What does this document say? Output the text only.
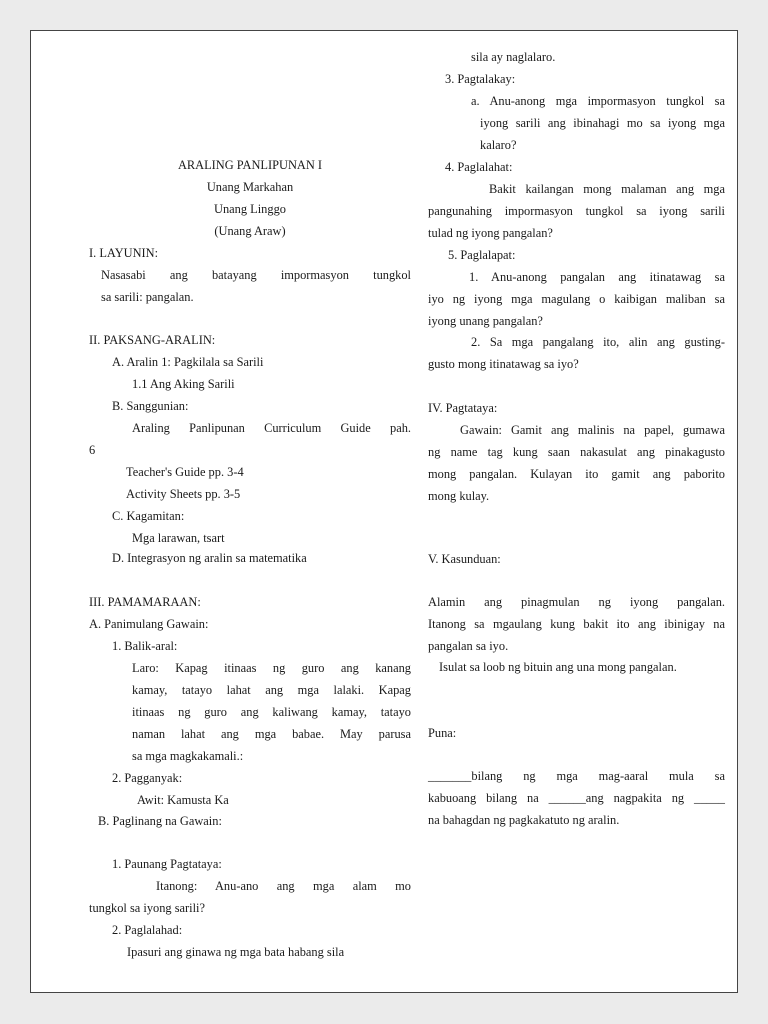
ARALING PANLIPUNAN I
Unang Markahan
Unang Linggo
(Unang Araw)
I. LAYUNIN:
Nasasabi ang batayang impormasyon tungkol
sa sarili: pangalan.
II. PAKSANG-ARALIN:
A. Aralin 1: Pagkilala sa Sarili
1.1 Ang Aking Sarili
B. Sanggunian:
Araling Panlipunan Curriculum Guide pah.
6
Teacher's Guide pp. 3-4
Activity Sheets pp. 3-5
C. Kagamitan:
Mga larawan, tsart
D. Integrasyon ng aralin sa matematika
III. PAMAMARAAN:
A. Panimulang Gawain:
1. Balik-aral:
Laro: Kapag itinaas ng guro ang kanang
kamay, tatayo lahat ang mga lalaki. Kapag
itinaas ng guro ang kaliwang kamay, tatayo
naman lahat ang mga babae. May parusa
sa mga magkakamali.:
2. Pagganyak:
Awit: Kamusta Ka
B. Paglinang na Gawain:
1. Paunang Pagtataya:
Itanong: Anu-ano ang mga alam mo
tungkol sa iyong sarili?
2. Paglalahad:
Ipasuri ang ginawa ng mga bata habang sila
sila ay naglalaro.
3. Pagtalakay:
a. Anu-anong mga impormasyon tungkol sa
iyong sarili ang ibinahagi mo sa iyong mga
kalaro?
4. Paglalahat:
Bakit kailangan mong malaman ang mga
pangunahing impormasyon tungkol sa iyong sarili
tulad ng iyong pangalan?
5. Paglalapat:
1. Anu-anong pangalan ang itinatawag sa
iyo ng iyong mga magulang o kaibigan maliban sa
iyong unang pangalan?
2. Sa mga pangalang ito, alin ang gusting-
gusto mong itinatawag sa iyo?
IV. Pagtataya:
Gawain: Gamit ang malinis na papel, gumawa
ng name tag kung saan nakasulat ang pinakagusto
mong pangalan. Kulayan ito gamit ang paborito
mong kulay.
V. Kasunduan:
Alamin ang pinagmulan ng iyong pangalan.
Itanong sa mgaulang kung bakit ito ang ibinigay na
pangalan sa iyo.
Isulat sa loob ng bituin ang una mong pangalan.
Puna:
_______bilang ng mga mag-aaral mula sa
kabuoang bilang na ______ang nagpakita ng _____
na bahagdan ng pagkakatuto ng aralin.
